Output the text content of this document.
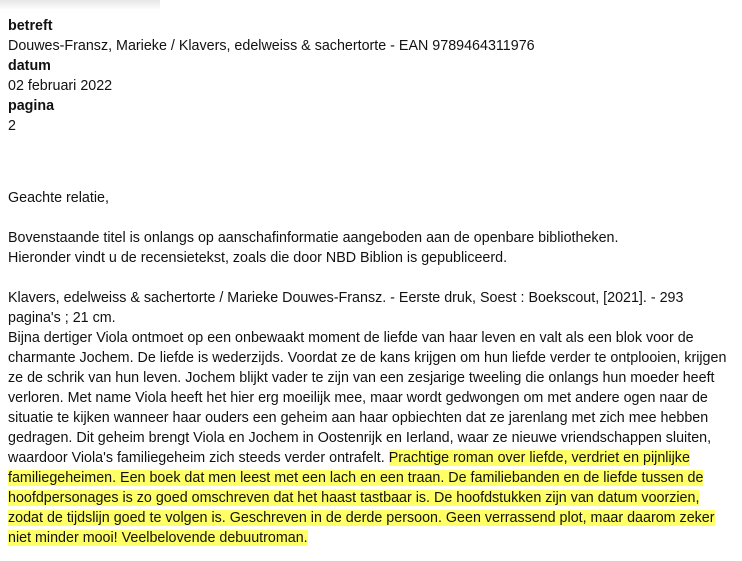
betreft
Douwes-Fransz, Marieke / Klavers, edelweiss & sachertorte - EAN 9789464311976
datum
02 februari 2022
pagina
2

Geachte relatie,

Bovenstaande titel is onlangs op aanschafinformatie aangeboden aan de openbare bibliotheken.

Hieronder vindt u de recensietekst, zoals die door NBD Biblion is gepubliceerd.

Klavers, edelweiss & sachertorte / Marieke Douwes-Fransz. - Eerste druk, Soest : Boekscout, [2021]. - 293 pagina's ; 21 cm.

Bijna dertiger Viola ontmoet op een onbewaakt moment de liefde van haar leven en valt als een blok voor de charmante Jochem. De liefde is wederzijds. Voordat ze de kans krijgen om hun liefde verder te ontplooien, krijgen ze de schrik van hun leven. Jochem blijkt vader te zijn van een zesjarige tweeling die onlangs hun moeder heeft verloren. Met name Viola heeft het hier erg moeilijk mee, maar wordt gedwongen om met andere ogen naar de situatie te kijken wanneer haar ouders een geheim aan haar opbiechten dat ze jarenlang met zich mee hebben gedragen. Dit geheim brengt Viola en Jochem in Oostenrijk en Ierland, waar ze nieuwe vriendschappen sluiten, waardoor Viola's familiegeheim zich steeds verder ontrafelt. Prachtige roman over liefde, verdriet en pijnlijke familiegeheimen. Een boek dat men leest met een lach en een traan. De familiebanden en de liefde tussen de hoofdpersonages is zo goed omschreven dat het haast tastbaar is. De hoofdstukken zijn van datum voorzien, zodat de tijdslijn goed te volgen is. Geschreven in de derde persoon. Geen verrassend plot, maar daarom zeker niet minder mooi! Veelbelovende debuutroman.
